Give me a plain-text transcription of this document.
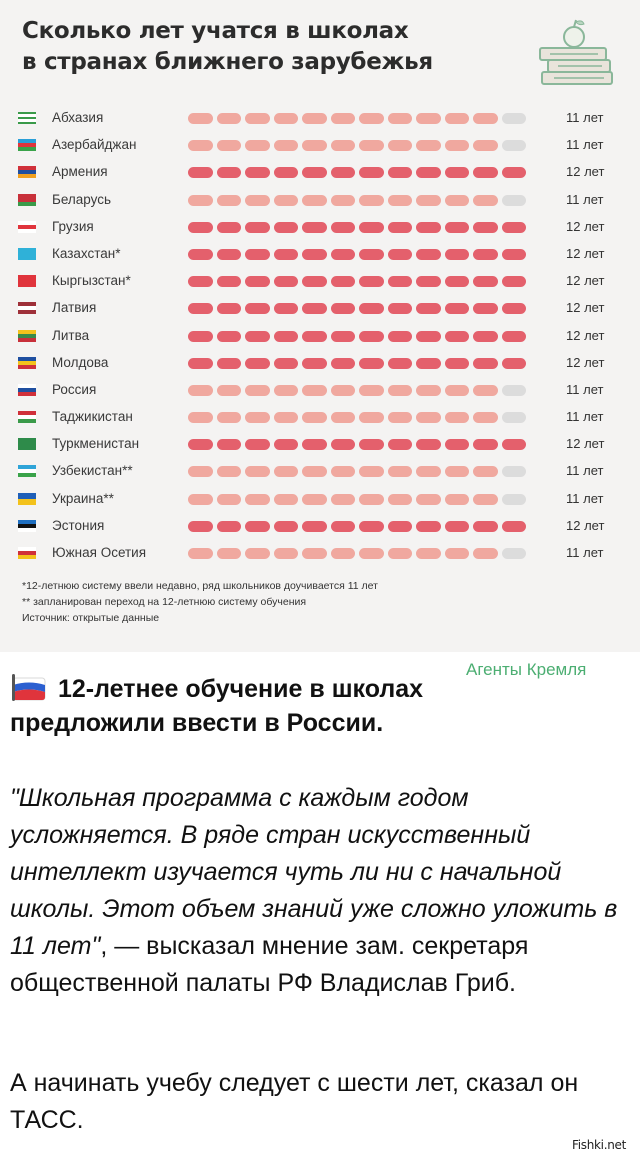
Сколько лет учатся в школах
в странах ближнего зарубежья
Абхазия	11 лет
Азербайджан	11 лет
Армения	12 лет
Беларусь	11 лет
Грузия	12 лет
Казахстан*	12 лет
Кыргызстан*	12 лет
Латвия	12 лет
Литва	12 лет
Молдова	12 лет
Россия	11 лет
Таджикистан	11 лет
Туркменистан	12 лет
Узбекистан**	11 лет
Украина**	11 лет
Эстония	12 лет
Южная Осетия	11 лет
*12-летнюю систему ввели недавно, ряд школьников доучивается 11 лет
** запланирован переход на 12-летнюю систему обучения
Источник: открытые данные
12-летнее обучение в школах
предложили ввести в России.
Агенты Кремля
"Школьная программа с каждым годом усложняется. В ряде стран искусственный интеллект изучается чуть ли ни с начальной школы. Этот объем знаний уже сложно уложить в 11 лет", — высказал мнение зам. секретаря общественной палаты РФ Владислав Гриб.
А начинать учебу следует с шести лет, сказал он ТАСС.
Fishki.net
